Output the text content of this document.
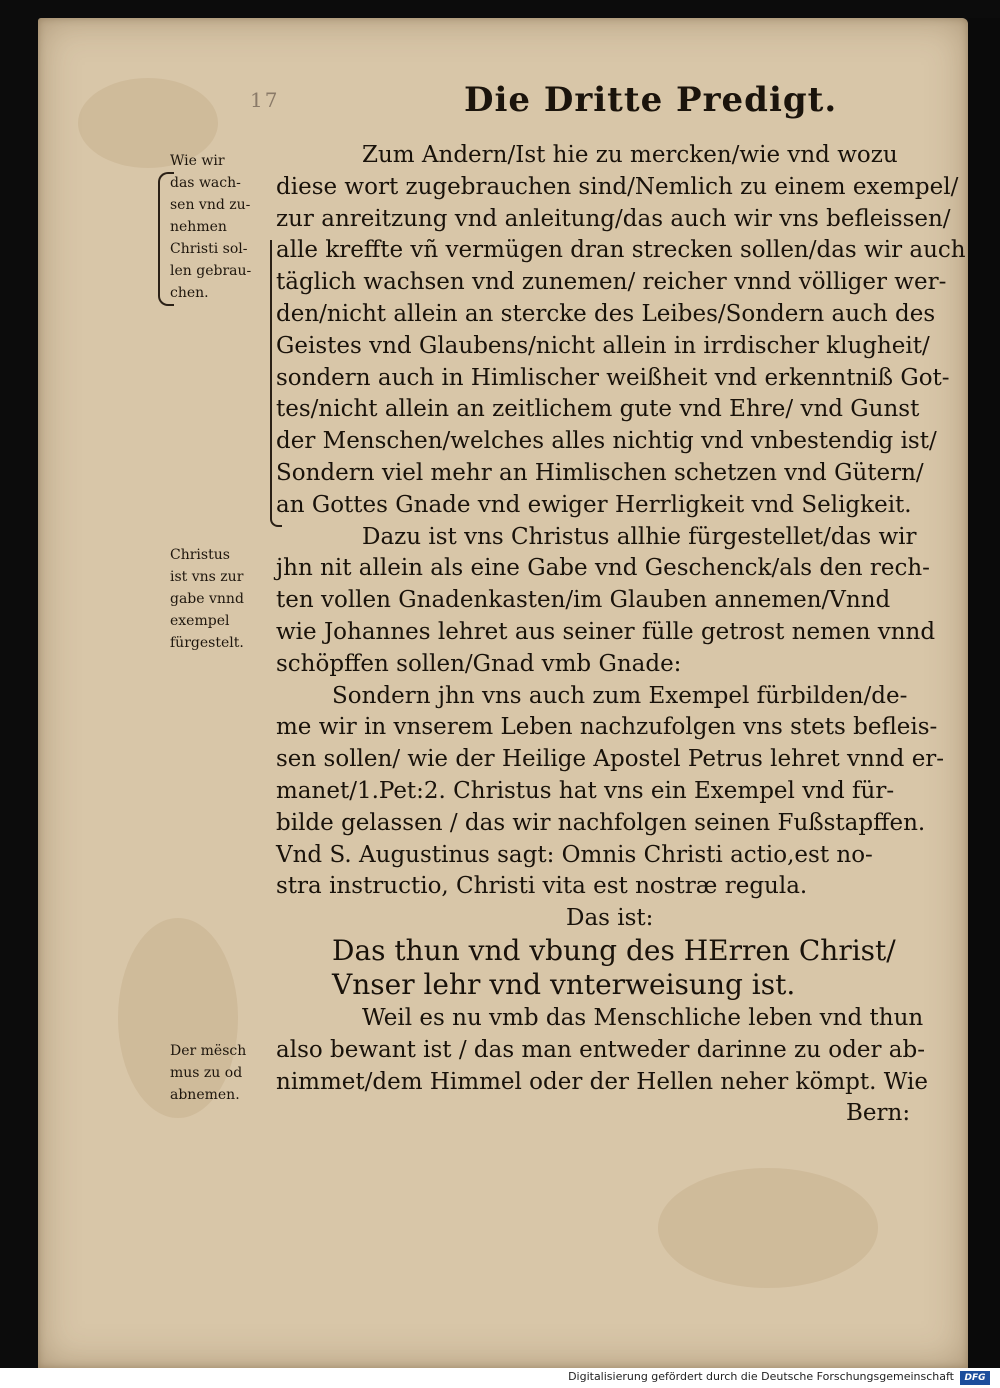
17	Die Dritte Predigt.
Wie wir
das wach-
sen vnd zu-
nehmen
Christi sol-
len gebrau-
chen.
Christus
ist vns zur
gabe vnnd
exempel
fürgestelt.
Der mësch
mus zu od
abnemen.
Zum Andern/Ist hie zu mercken/wie vnd wozu
diese wort zugebrauchen sind/Nemlich zu einem exempel/
zur anreitzung vnd anleitung/das auch wir vns befleissen/
alle kreffte vñ vermügen dran strecken sollen/das wir auch
täglich wachsen vnd zunemen/ reicher vnnd völliger wer-
den/nicht allein an stercke des Leibes/Sondern auch des
Geistes vnd Glaubens/nicht allein in irrdischer klugheit/
sondern auch in Himlischer weißheit vnd erkenntniß Got-
tes/nicht allein an zeitlichem gute vnd Ehre/ vnd Gunst
der Menschen/welches alles nichtig vnd vnbestendig ist/
Sondern viel mehr an Himlischen schetzen vnd Gütern/
an Gottes Gnade vnd ewiger Herrligkeit vnd Seligkeit.
Dazu ist vns Christus allhie fürgestellet/das wir
jhn nit allein als eine Gabe vnd Geschenck/als den rech-
ten vollen Gnadenkasten/im Glauben annemen/Vnnd
wie Johannes lehret aus seiner fülle getrost nemen vnnd
schöpffen sollen/Gnad vmb Gnade:
Sondern jhn vns auch zum Exempel fürbilden/de-
me wir in vnserem Leben nachzufolgen vns stets befleis-
sen sollen/ wie der Heilige Apostel Petrus lehret vnnd er-
manet/1.Pet:2. Christus hat vns ein Exempel vnd für-
bilde gelassen / das wir nachfolgen seinen Fußstapffen.
Vnd S. Augustinus sagt: Omnis Christi actio,est no-
stra instructio, Christi vita est nostræ regula.
Das ist:
Das thun vnd vbung des HErren Christ/
Vnser lehr vnd vnterweisung ist.
Weil es nu vmb das Menschliche leben vnd thun
also bewant ist / das man entweder darinne zu oder ab-
nimmet/dem Himmel oder der Hellen neher kömpt. Wie
Bern:
Digitalisierung gefördert durch die Deutsche Forschungsgemeinschaft	DFG
